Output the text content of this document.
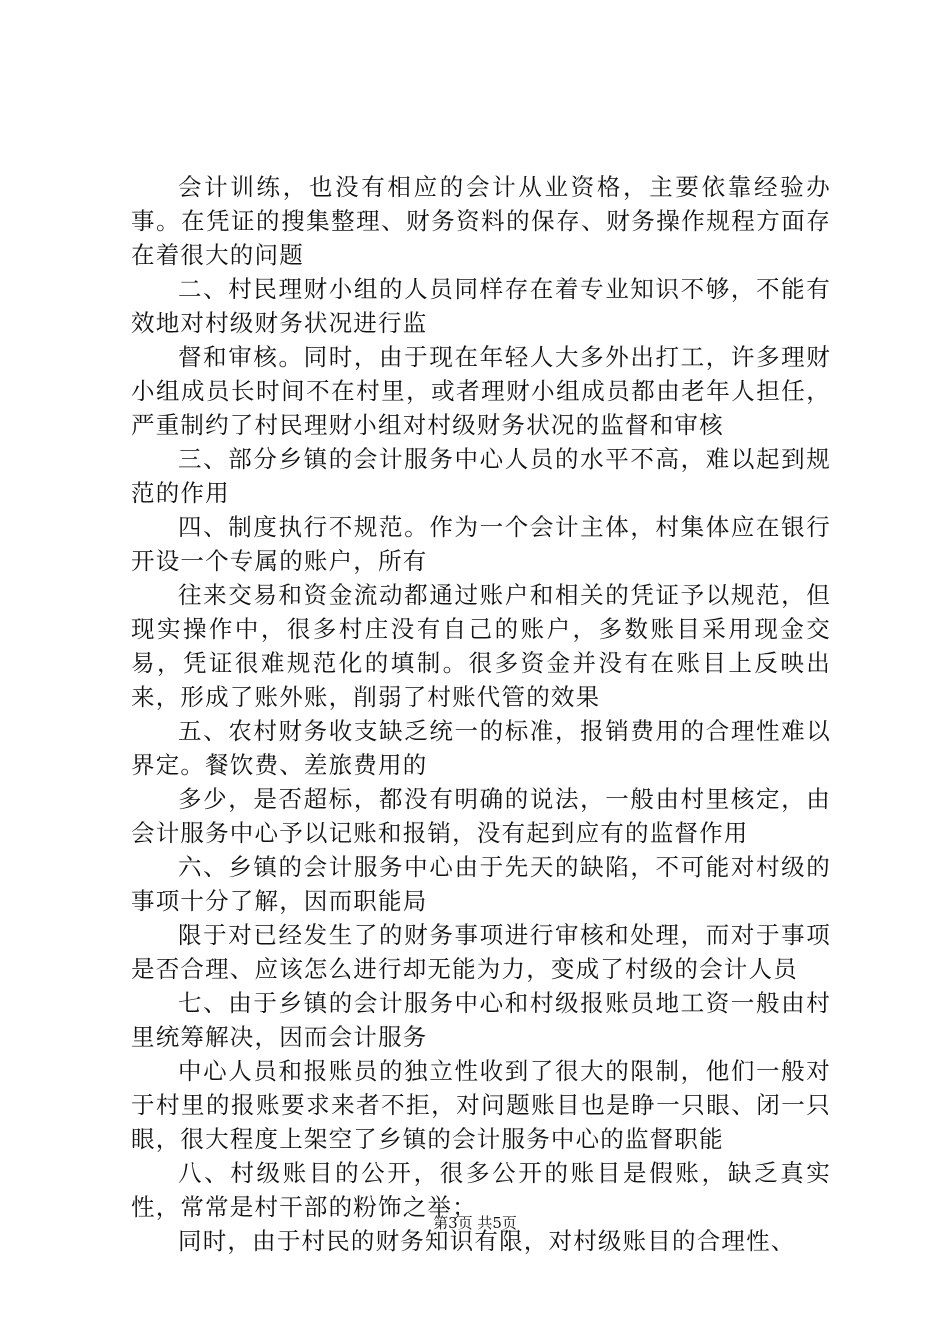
会计训练，也没有相应的会计从业资格，主要依靠经验办事。在凭证的搜集整理、财务资料的保存、财务操作规程方面存在着很大的问题

二、村民理财小组的人员同样存在着专业知识不够，不能有效地对村级财务状况进行监

督和审核。同时，由于现在年轻人大多外出打工，许多理财小组成员长时间不在村里，或者理财小组成员都由老年人担任，严重制约了村民理财小组对村级财务状况的监督和审核

三、部分乡镇的会计服务中心人员的水平不高，难以起到规范的作用

四、制度执行不规范。作为一个会计主体，村集体应在银行开设一个专属的账户，所有

往来交易和资金流动都通过账户和相关的凭证予以规范，但现实操作中，很多村庄没有自己的账户，多数账目采用现金交易，凭证很难规范化的填制。很多资金并没有在账目上反映出来，形成了账外账，削弱了村账代管的效果

五、农村财务收支缺乏统一的标准，报销费用的合理性难以界定。餐饮费、差旅费用的

多少，是否超标，都没有明确的说法，一般由村里核定，由会计服务中心予以记账和报销，没有起到应有的监督作用

六、乡镇的会计服务中心由于先天的缺陷，不可能对村级的事项十分了解，因而职能局

限于对已经发生了的财务事项进行审核和处理，而对于事项是否合理、应该怎么进行却无能为力，变成了村级的会计人员

七、由于乡镇的会计服务中心和村级报账员地工资一般由村里统筹解决，因而会计服务

中心人员和报账员的独立性收到了很大的限制，他们一般对于村里的报账要求来者不拒，对问题账目也是睁一只眼、闭一只眼，很大程度上架空了乡镇的会计服务中心的监督职能

八、村级账目的公开，很多公开的账目是假账，缺乏真实性，常常是村干部的粉饰之举；

同时，由于村民的财务知识有限，对村级账目的合理性、

第3页 共5页
